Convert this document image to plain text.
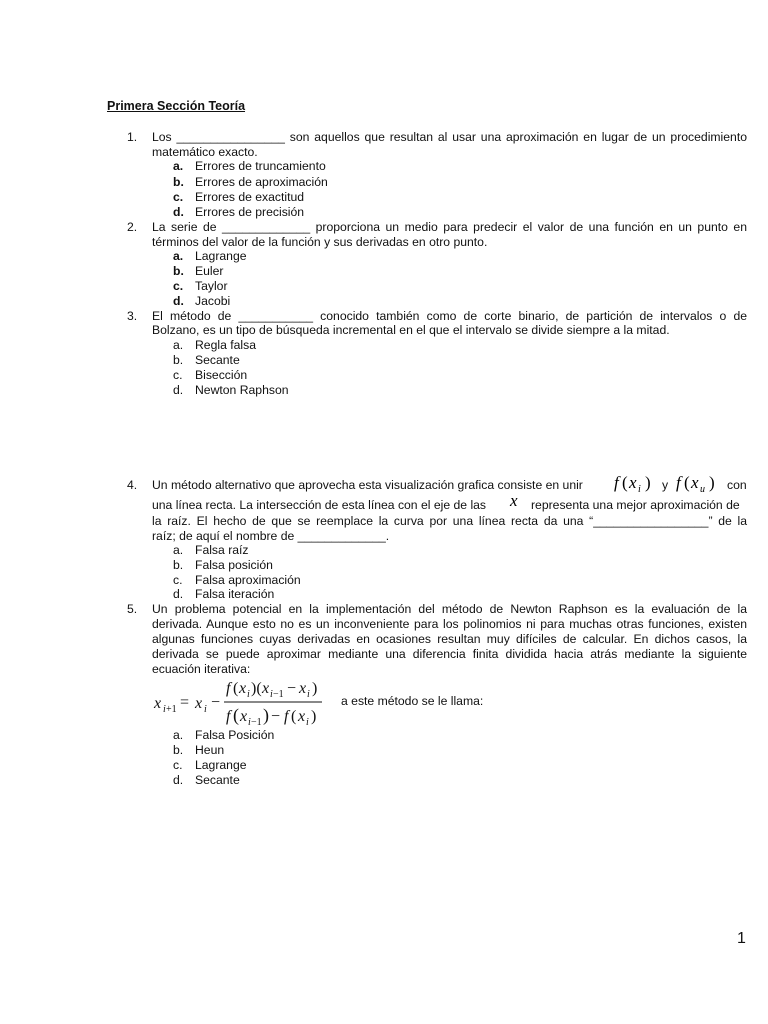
Primera Sección Teoría
1. Los ________________ son aquellos que resultan al usar una aproximación en lugar de un procedimiento
matemático exacto.
a. Errores de truncamiento
b. Errores de aproximación
c. Errores de exactitud
d. Errores de precisión
2. La serie de _____________ proporciona un medio para predecir el valor de una función en un punto en
términos del valor de la función y sus derivadas en otro punto.
a. Lagrange
b. Euler
c. Taylor
d. Jacobi
3. El método de ___________ conocido también como de corte binario, de partición de intervalos o de
Bolzano, es un tipo de búsqueda incremental en el que el intervalo se divide siempre a la mitad.
a. Regla falsa
b. Secante
c. Bisección
d. Newton Raphson
4. Un método alternativo que aprovecha esta visualización grafica consiste en unir f ( x i ) y f ( x u ) con
una línea recta. La intersección de esta línea con el eje de las x representa una mejor aproximación de
la raíz. El hecho de que se reemplace la curva por una línea recta da una “_________________” de la
raíz; de aquí el nombre de _____________.
a. Falsa raíz
b. Falsa posición
c. Falsa aproximación
d. Falsa iteración
5. Un problema potencial en la implementación del método de Newton Raphson es la evaluación de la
derivada. Aunque esto no es un inconveniente para los polinomios ni para muchas otras funciones, existen
algunas funciones cuyas derivadas en ocasiones resultan muy difíciles de calcular. En dichos casos, la
derivada se puede aproximar mediante una diferencia finita dividida hacia atrás mediante la siguiente
ecuación iterativa:
x i +1 = x i −
f ( x i )( x i −1 − x i )
f ( x i −1 ) − f ( x i )
a este método se le llama:
a. Falsa Posición
b. Heun
c. Lagrange
d. Secante
1
